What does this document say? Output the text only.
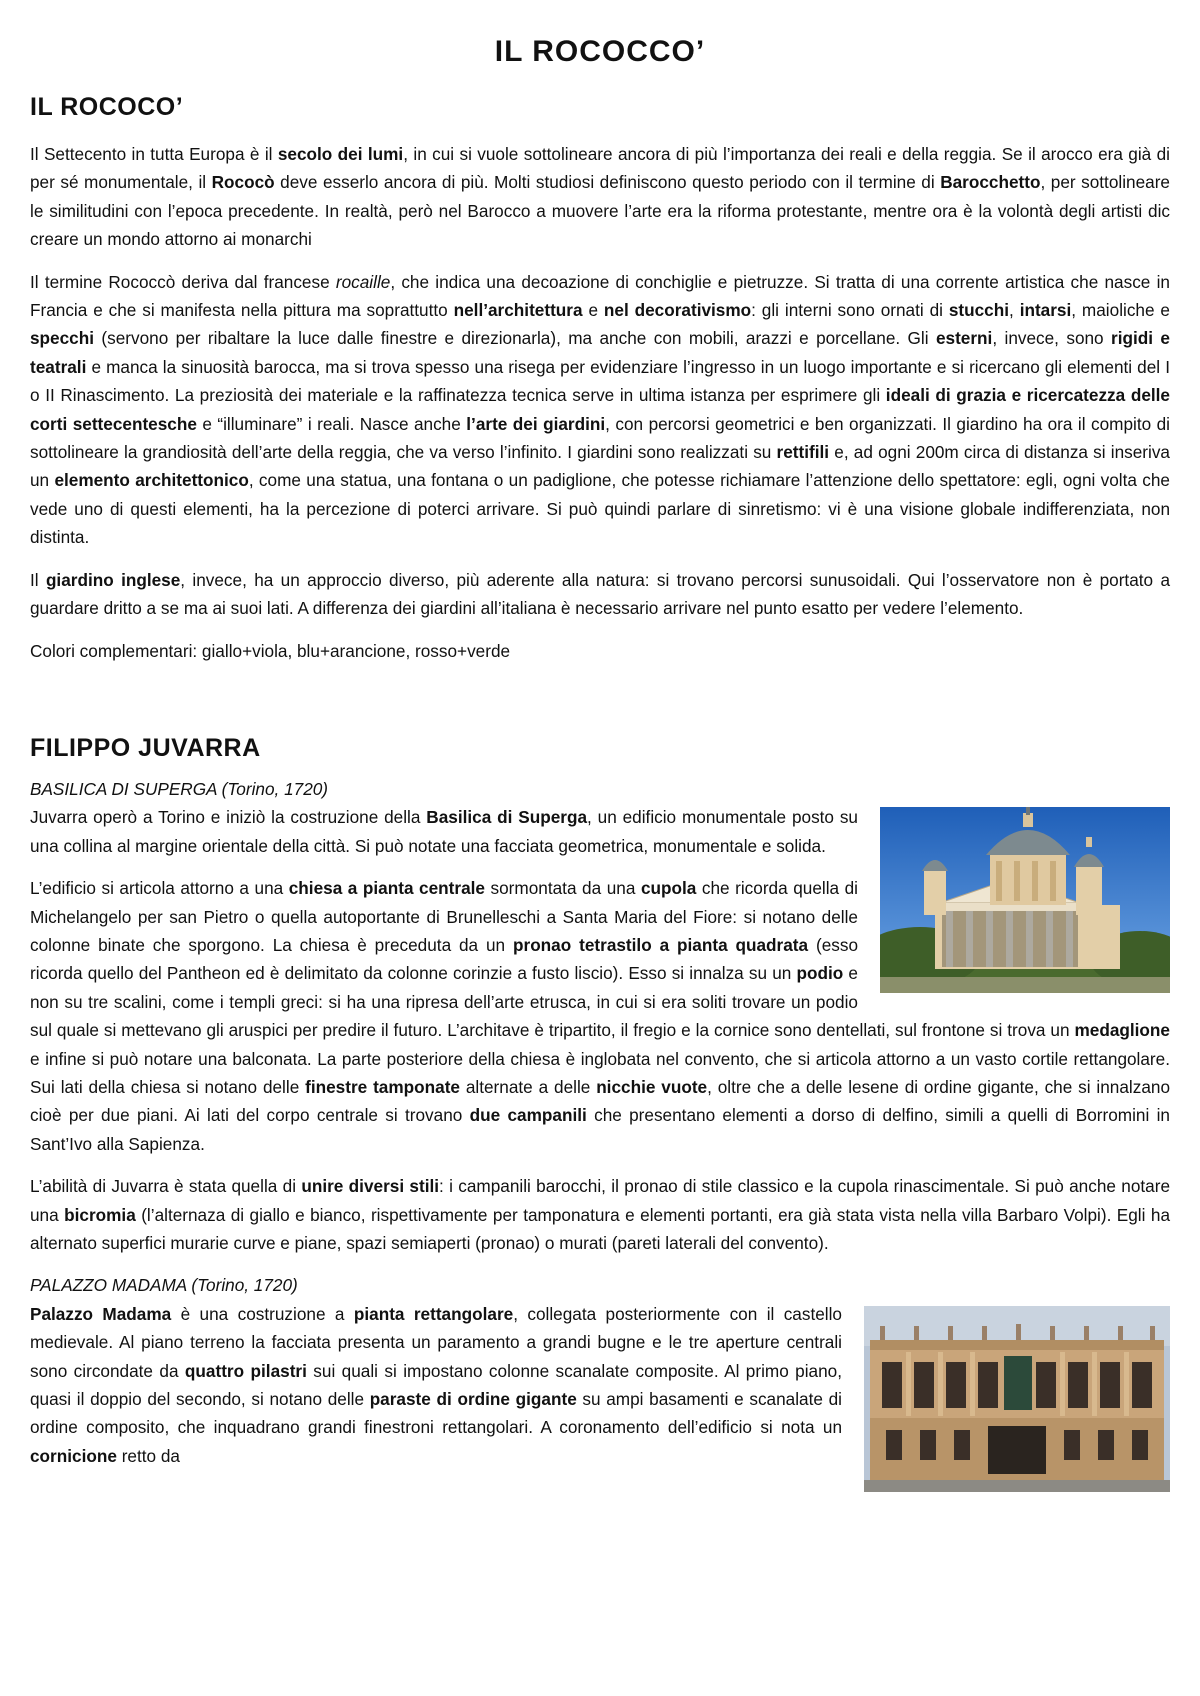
IL ROCOCCO’
IL ROCOCO’

Il Settecento in tutta Europa è il secolo dei lumi, in cui si vuole sottolineare ancora di più l’importanza dei reali e della reggia. Se il arocco era già di per sé monumentale, il Rococò deve esserlo ancora di più. Molti studiosi definiscono questo periodo con il termine di Barocchetto, per sottolineare le similitudini con l’epoca precedente. In realtà, però nel Barocco a muovere l’arte era la riforma protestante, mentre ora è la volontà degli artisti dic creare un mondo attorno ai monarchi

Il termine Rococcò deriva dal francese rocaille, che indica una decoazione di conchiglie e pietruzze. Si tratta di una corrente artistica che nasce in Francia e che si manifesta nella pittura ma soprattutto nell’architettura e nel decorativismo: gli interni sono ornati di stucchi, intarsi, maioliche e specchi (servono per ribaltare la luce dalle finestre e direzionarla), ma anche con mobili, arazzi e porcellane. Gli esterni, invece, sono rigidi e teatrali e manca la sinuosità barocca, ma si trova spesso una risega per evidenziare l’ingresso in un luogo importante e si ricercano gli elementi del I o II Rinascimento. La preziosità dei materiale e la raffinatezza tecnica serve in ultima istanza per esprimere gli ideali di grazia e ricercatezza delle corti settecentesche e “illuminare” i reali. Nasce anche l’arte dei giardini, con percorsi geometrici e ben organizzati. Il giardino ha ora il compito di sottolineare la grandiosità dell’arte della reggia, che va verso l’infinito. I giardini sono realizzati su rettifili e, ad ogni 200m circa di distanza si inseriva un elemento architettonico, come una statua, una fontana o un padiglione, che potesse richiamare l’attenzione dello spettatore: egli, ogni volta che vede uno di questi elementi, ha la percezione di poterci arrivare. Si può quindi parlare di sinretismo: vi è una visione globale indifferenziata, non distinta.

Il giardino inglese, invece, ha un approccio diverso, più aderente alla natura: si trovano percorsi sunusoidali. Qui l’osservatore non è portato a guardare dritto a se ma ai suoi lati. A differenza dei giardini all’italiana è necessario arrivare nel punto esatto per vedere l’elemento.

Colori complementari: giallo+viola, blu+arancione, rosso+verde

FILIPPO JUVARRA
BASILICA DI SUPERGA (Torino, 1720)

Juvarra operò a Torino e iniziò la costruzione della Basilica di Superga, un edificio monumentale posto su una collina al margine orientale della città. Si può notate una facciata geometrica, monumentale e solida.

L’edificio si articola attorno a una chiesa a pianta centrale sormontata da una cupola che ricorda quella di Michelangelo per san Pietro o quella autoportante di Brunelleschi a Santa Maria del Fiore: si notano delle colonne binate che sporgono. La chiesa è preceduta da un pronao tetrastilo a pianta quadrata (esso ricorda quello del Pantheon ed è delimitato da colonne corinzie a fusto liscio). Esso si innalza su un podio e non su tre scalini, come i templi greci: si ha una ripresa dell’arte etrusca, in cui si era soliti trovare un podio sul quale si mettevano gli aruspici per predire il futuro. L’architave è tripartito, il fregio e la cornice sono dentellati, sul frontone si trova un medaglione e infine si può notare una balconata. La parte posteriore della chiesa è inglobata nel convento, che si articola attorno a un vasto cortile rettangolare. Sui lati della chiesa si notano delle finestre tamponate alternate a delle nicchie vuote, oltre che a delle lesene di ordine gigante, che si innalzano cioè per due piani. Ai lati del corpo centrale si trovano due campanili che presentano elementi a dorso di delfino, simili a quelli di Borromini in Sant’Ivo alla Sapienza.

L’abilità di Juvarra è stata quella di unire diversi stili: i campanili barocchi, il pronao di stile classico e la cupola rinascimentale. Si può anche notare una bicromia (l’alternaza di giallo e bianco, rispettivamente per tamponatura e elementi portanti, era già stata vista nella villa Barbaro Volpi). Egli ha alternato superfici murarie curve e piane, spazi semiaperti (pronao) o murati (pareti laterali del convento).

PALAZZO MADAMA (Torino, 1720)

Palazzo Madama è una costruzione a pianta rettangolare, collegata posteriormente con il castello medievale. Al piano terreno la facciata presenta un paramento a grandi bugne e le tre aperture centrali sono circondate da quattro pilastri sui quali si impostano colonne scanalate composite. Al primo piano, quasi il doppio del secondo, si notano delle paraste di ordine gigante su ampi basamenti e scanalate di ordine composito, che inquadrano grandi finestroni rettangolari. A coronamento dell’edificio si nota un cornicione retto da
